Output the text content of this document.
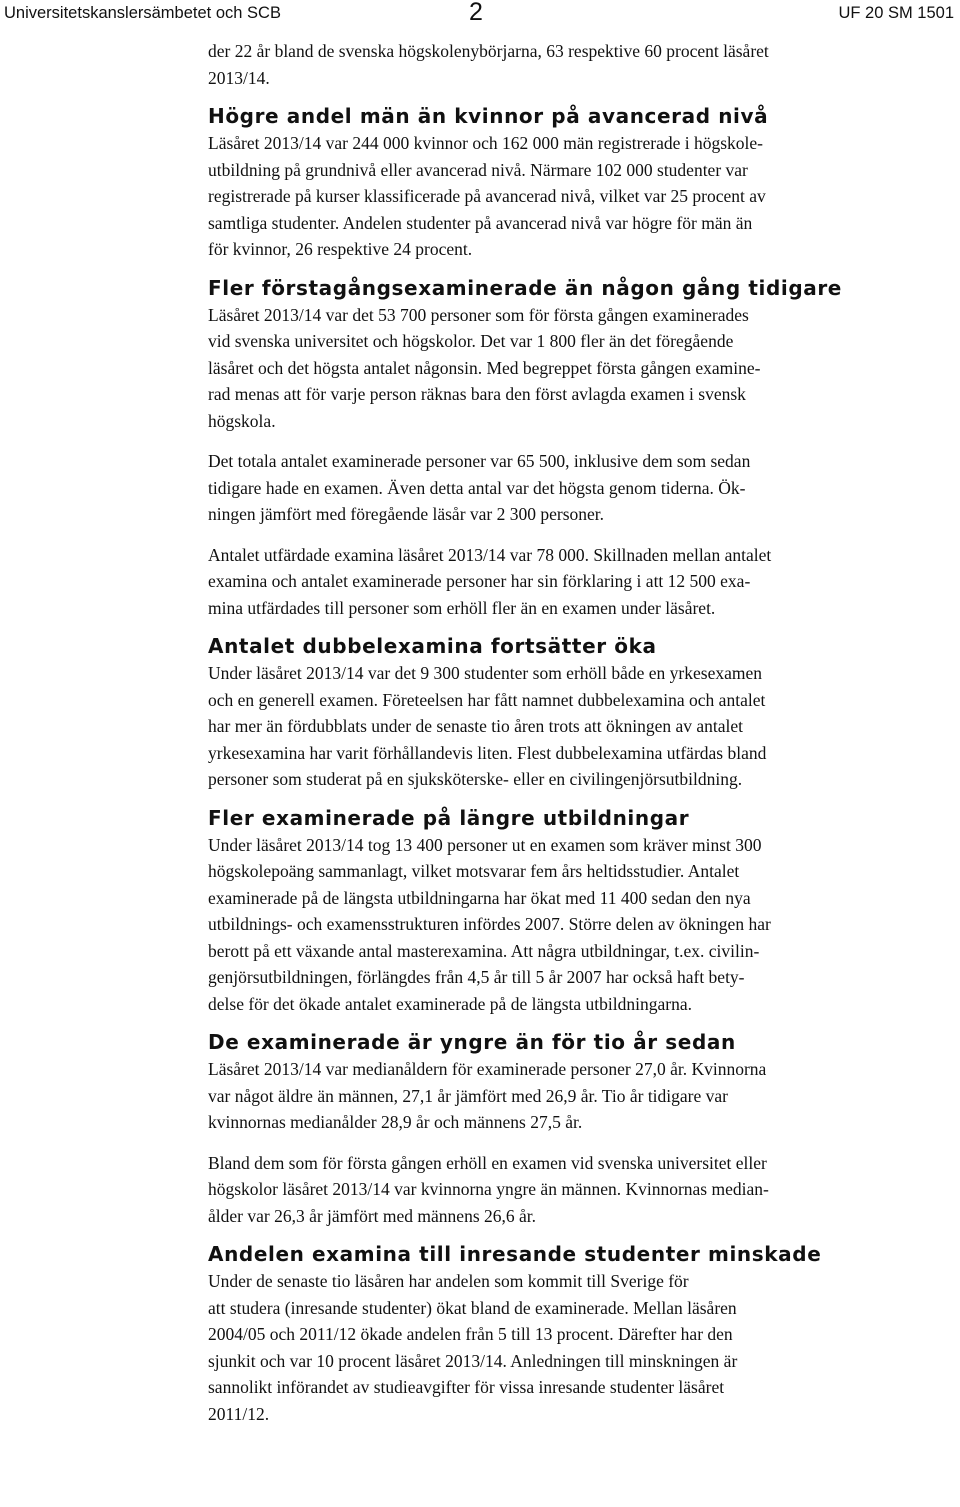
Universitetskanslersämbetet och SCB	2	UF 20 SM 1501
der 22 år bland de svenska högskolenybörjarna, 63 respektive 60 procent läsåret
2013/14.
Högre andel män än kvinnor på avancerad nivå
Läsåret 2013/14 var 244 000 kvinnor och 162 000 män registrerade i högskole-
utbildning på grundnivå eller avancerad nivå. Närmare 102 000 studenter var
registrerade på kurser klassificerade på avancerad nivå, vilket var 25 procent av
samtliga studenter. Andelen studenter på avancerad nivå var högre för män än
för kvinnor, 26 respektive 24 procent.
Fler förstagångsexaminerade än någon gång tidigare
Läsåret 2013/14 var det 53 700 personer som för första gången examinerades
vid svenska universitet och högskolor. Det var 1 800 fler än det föregående
läsåret och det högsta antalet någonsin. Med begreppet första gången examine-
rad menas att för varje person räknas bara den först avlagda examen i svensk
högskola.
Det totala antalet examinerade personer var 65 500, inklusive dem som sedan
tidigare hade en examen. Även detta antal var det högsta genom tiderna. Ök-
ningen jämfört med föregående läsår var 2 300 personer.
Antalet utfärdade examina läsåret 2013/14 var 78 000. Skillnaden mellan antalet
examina och antalet examinerade personer har sin förklaring i att 12 500 exa-
mina utfärdades till personer som erhöll fler än en examen under läsåret.
Antalet dubbelexamina fortsätter öka
Under läsåret 2013/14 var det 9 300 studenter som erhöll både en yrkesexamen
och en generell examen. Företeelsen har fått namnet dubbelexamina och antalet
har mer än fördubblats under de senaste tio åren trots att ökningen av antalet
yrkesexamina har varit förhållandevis liten. Flest dubbelexamina utfärdas bland
personer som studerat på en sjuksköterske- eller en civilingenjörsutbildning.
Fler examinerade på längre utbildningar
Under läsåret 2013/14 tog 13 400 personer ut en examen som kräver minst 300
högskolepoäng sammanlagt, vilket motsvarar fem års heltidsstudier. Antalet
examinerade på de längsta utbildningarna har ökat med 11 400 sedan den nya
utbildnings- och examensstrukturen infördes 2007. Större delen av ökningen har
berott på ett växande antal masterexamina. Att några utbildningar, t.ex. civilin-
genjörsutbildningen, förlängdes från 4,5 år till 5 år 2007 har också haft bety-
delse för det ökade antalet examinerade på de längsta utbildningarna.
De examinerade är yngre än för tio år sedan
Läsåret 2013/14 var medianåldern för examinerade personer 27,0 år. Kvinnorna
var något äldre än männen, 27,1 år jämfört med 26,9 år. Tio år tidigare var
kvinnornas medianålder 28,9 år och männens 27,5 år.
Bland dem som för första gången erhöll en examen vid svenska universitet eller
högskolor läsåret 2013/14 var kvinnorna yngre än männen. Kvinnornas median-
ålder var 26,3 år jämfört med männens 26,6 år.
Andelen examina till inresande studenter minskade
Under de senaste tio läsåren har andelen som kommit till Sverige för
att studera (inresande studenter) ökat bland de examinerade. Mellan läsåren
2004/05 och 2011/12 ökade andelen från 5 till 13 procent. Därefter har den
sjunkit och var 10 procent läsåret 2013/14. Anledningen till minskningen är
sannolikt införandet av studieavgifter för vissa inresande studenter läsåret
2011/12.
